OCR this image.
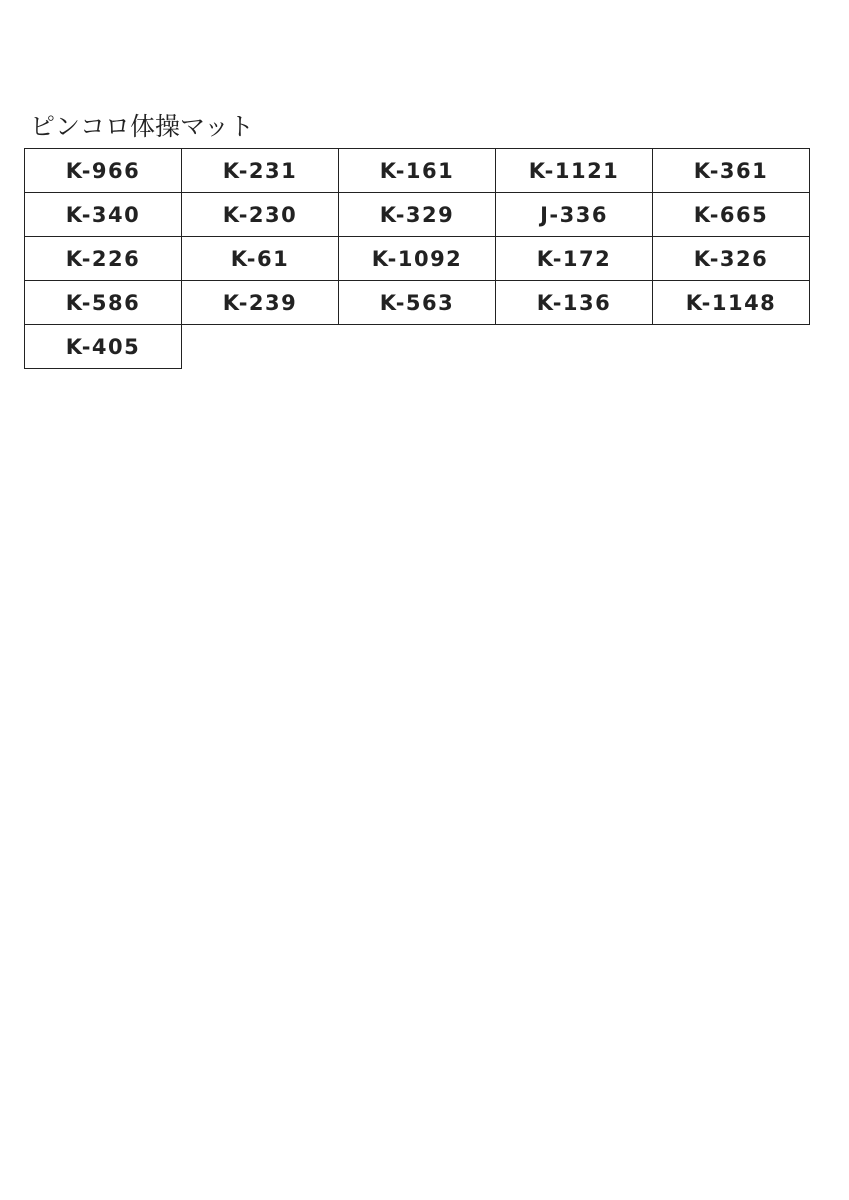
ピンコロ体操マット
K-966	K-231	K-161	K-1121	K-361
K-340	K-230	K-329	J-336	K-665
K-226	K-61	K-1092	K-172	K-326
K-586	K-239	K-563	K-136	K-1148
K-405				
